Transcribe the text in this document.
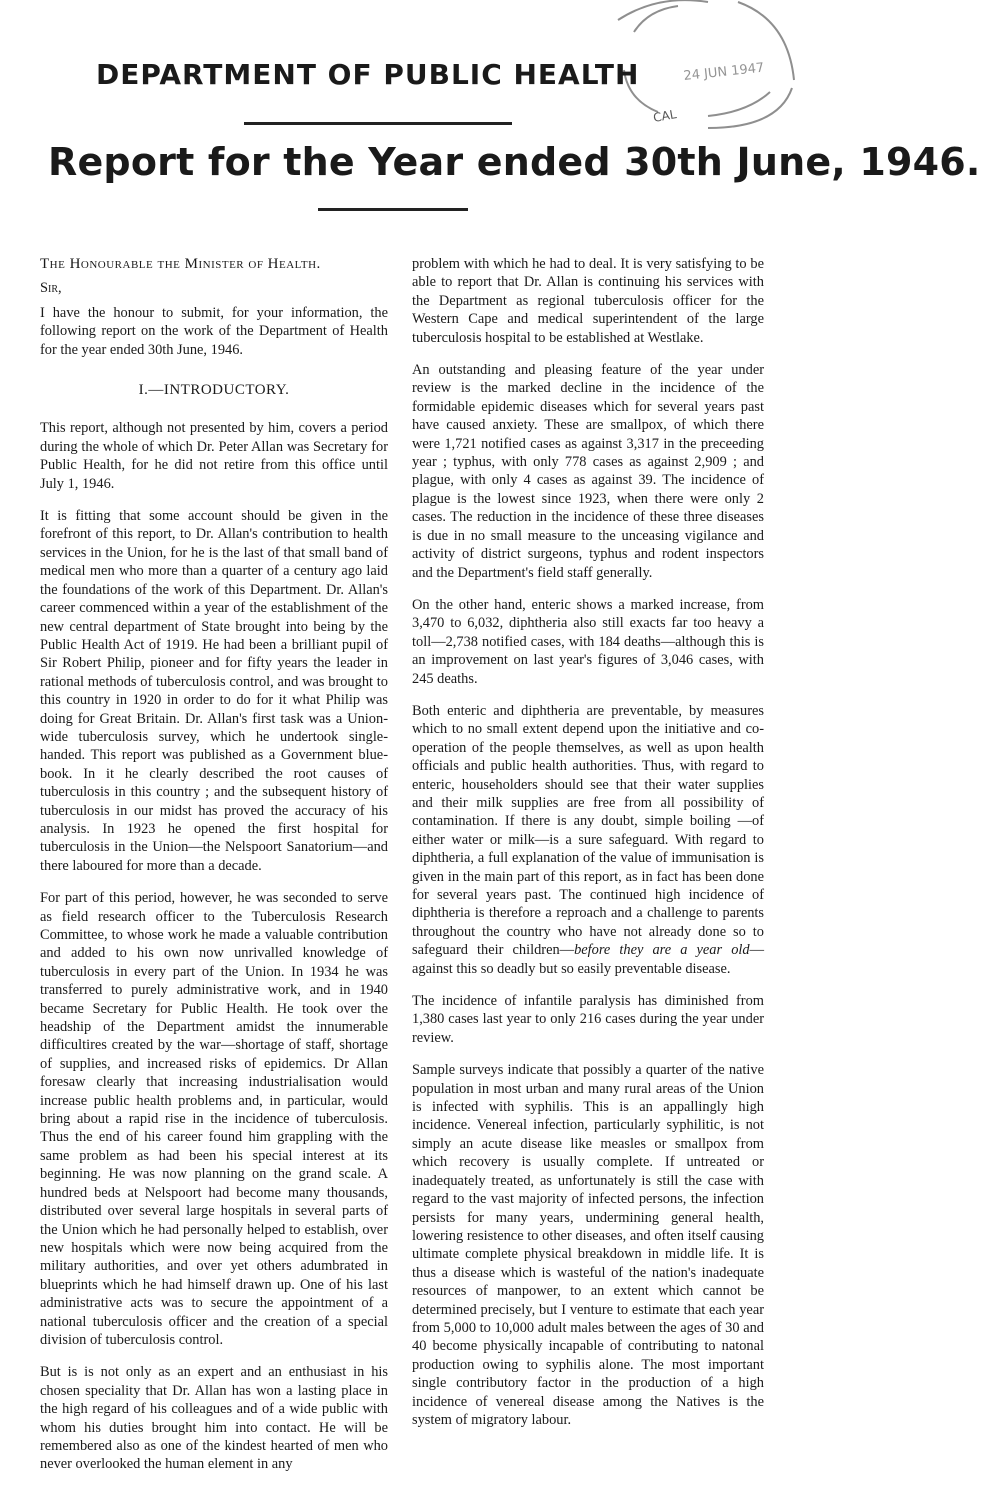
24 JUN 1947
CAL
DEPARTMENT OF PUBLIC HEALTH
Report for the Year ended 30th June, 1946.

The Honourable the Minister of Health.

Sir,

I have the honour to submit, for your information, the following report on the work of the Department of Health for the year ended 30th June, 1946.

I.—INTRODUCTORY.

This report, although not presented by him, covers a period during the whole of which Dr. Peter Allan was Secretary for Public Health, for he did not retire from this office until July 1, 1946.

It is fitting that some account should be given in the forefront of this report, to Dr. Allan's contribution to health services in the Union, for he is the last of that small band of medical men who more than a quarter of a century ago laid the foundations of the work of this Department. Dr. Allan's career commenced within a year of the establishment of the new central department of State brought into being by the Public Health Act of 1919. He had been a brilliant pupil of Sir Robert Philip, pioneer and for fifty years the leader in rational methods of tuberculosis control, and was brought to this country in 1920 in order to do for it what Philip was doing for Great Britain. Dr. Allan's first task was a Union-wide tuberculosis survey, which he undertook single-handed. This report was published as a Government blue-book. In it he clearly described the root causes of tuberculosis in this country ; and the subsequent history of tuberculosis in our midst has proved the accuracy of his analysis. In 1923 he opened the first hospital for tuberculosis in the Union—the Nelspoort Sanatorium—and there laboured for more than a decade.

For part of this period, however, he was seconded to serve as field research officer to the Tuberculosis Research Committee, to whose work he made a valuable contribution and added to his own now unrivalled knowledge of tuberculosis in every part of the Union. In 1934 he was transferred to purely administrative work, and in 1940 became Secretary for Public Health. He took over the headship of the Department amidst the innumerable difficultires created by the war—shortage of staff, shortage of supplies, and increased risks of epidemics. Dr Allan foresaw clearly that increasing industrialisation would increase public health problems and, in particular, would bring about a rapid rise in the incidence of tuberculosis. Thus the end of his career found him grappling with the same problem as had been his special interest at its beginning. He was now planning on the grand scale. A hundred beds at Nelspoort had become many thousands, distributed over several large hospitals in several parts of the Union which he had personally helped to establish, over new hospitals which were now being acquired from the military authorities, and over yet others adumbrated in blueprints which he had himself drawn up. One of his last administrative acts was to secure the appointment of a national tuberculosis officer and the creation of a special division of tuberculosis control.

But is is not only as an expert and an enthusiast in his chosen speciality that Dr. Allan has won a lasting place in the high regard of his colleagues and of a wide public with whom his duties brought him into contact. He will be remembered also as one of the kindest hearted of men who never overlooked the human element in any

problem with which he had to deal. It is very satisfying to be able to report that Dr. Allan is continuing his services with the Department as regional tuberculosis officer for the Western Cape and medical superintendent of the large tuberculosis hospital to be established at Westlake.

An outstanding and pleasing feature of the year under review is the marked decline in the incidence of the formidable epidemic diseases which for several years past have caused anxiety. These are smallpox, of which there were 1,721 notified cases as against 3,317 in the preceeding year ; typhus, with only 778 cases as against 2,909 ; and plague, with only 4 cases as against 39. The incidence of plague is the lowest since 1923, when there were only 2 cases. The reduction in the incidence of these three diseases is due in no small measure to the unceasing vigilance and activity of district surgeons, typhus and rodent inspectors and the Department's field staff generally.

On the other hand, enteric shows a marked increase, from 3,470 to 6,032, diphtheria also still exacts far too heavy a toll—2,738 notified cases, with 184 deaths—although this is an improvement on last year's figures of 3,046 cases, with 245 deaths.

Both enteric and diphtheria are preventable, by measures which to no small extent depend upon the initiative and co-operation of the people themselves, as well as upon health officials and public health authorities. Thus, with regard to enteric, householders should see that their water supplies and their milk supplies are free from all possibility of contamination. If there is any doubt, simple boiling —of either water or milk—is a sure safeguard. With regard to diphtheria, a full explanation of the value of immunisation is given in the main part of this report, as in fact has been done for several years past. The continued high incidence of diphtheria is therefore a reproach and a challenge to parents throughout the country who have not already done so to safeguard their children—before they are a year old—against this so deadly but so easily preventable disease.

The incidence of infantile paralysis has diminished from 1,380 cases last year to only 216 cases during the year under review.

Sample surveys indicate that possibly a quarter of the native population in most urban and many rural areas of the Union is infected with syphilis. This is an appallingly high incidence. Venereal infection, particularly syphilitic, is not simply an acute disease like measles or smallpox from which recovery is usually complete. If untreated or inadequately treated, as unfortunately is still the case with regard to the vast majority of infected persons, the infection persists for many years, undermining general health, lowering resistence to other diseases, and often itself causing ultimate complete physical breakdown in middle life. It is thus a disease which is wasteful of the nation's inadequate resources of manpower, to an extent which cannot be determined precisely, but I venture to estimate that each year from 5,000 to 10,000 adult males between the ages of 30 and 40 become physically incapable of contributing to natonal production owing to syphilis alone. The most important single contributory factor in the production of a high incidence of venereal disease among the Natives is the system of migratory labour.
